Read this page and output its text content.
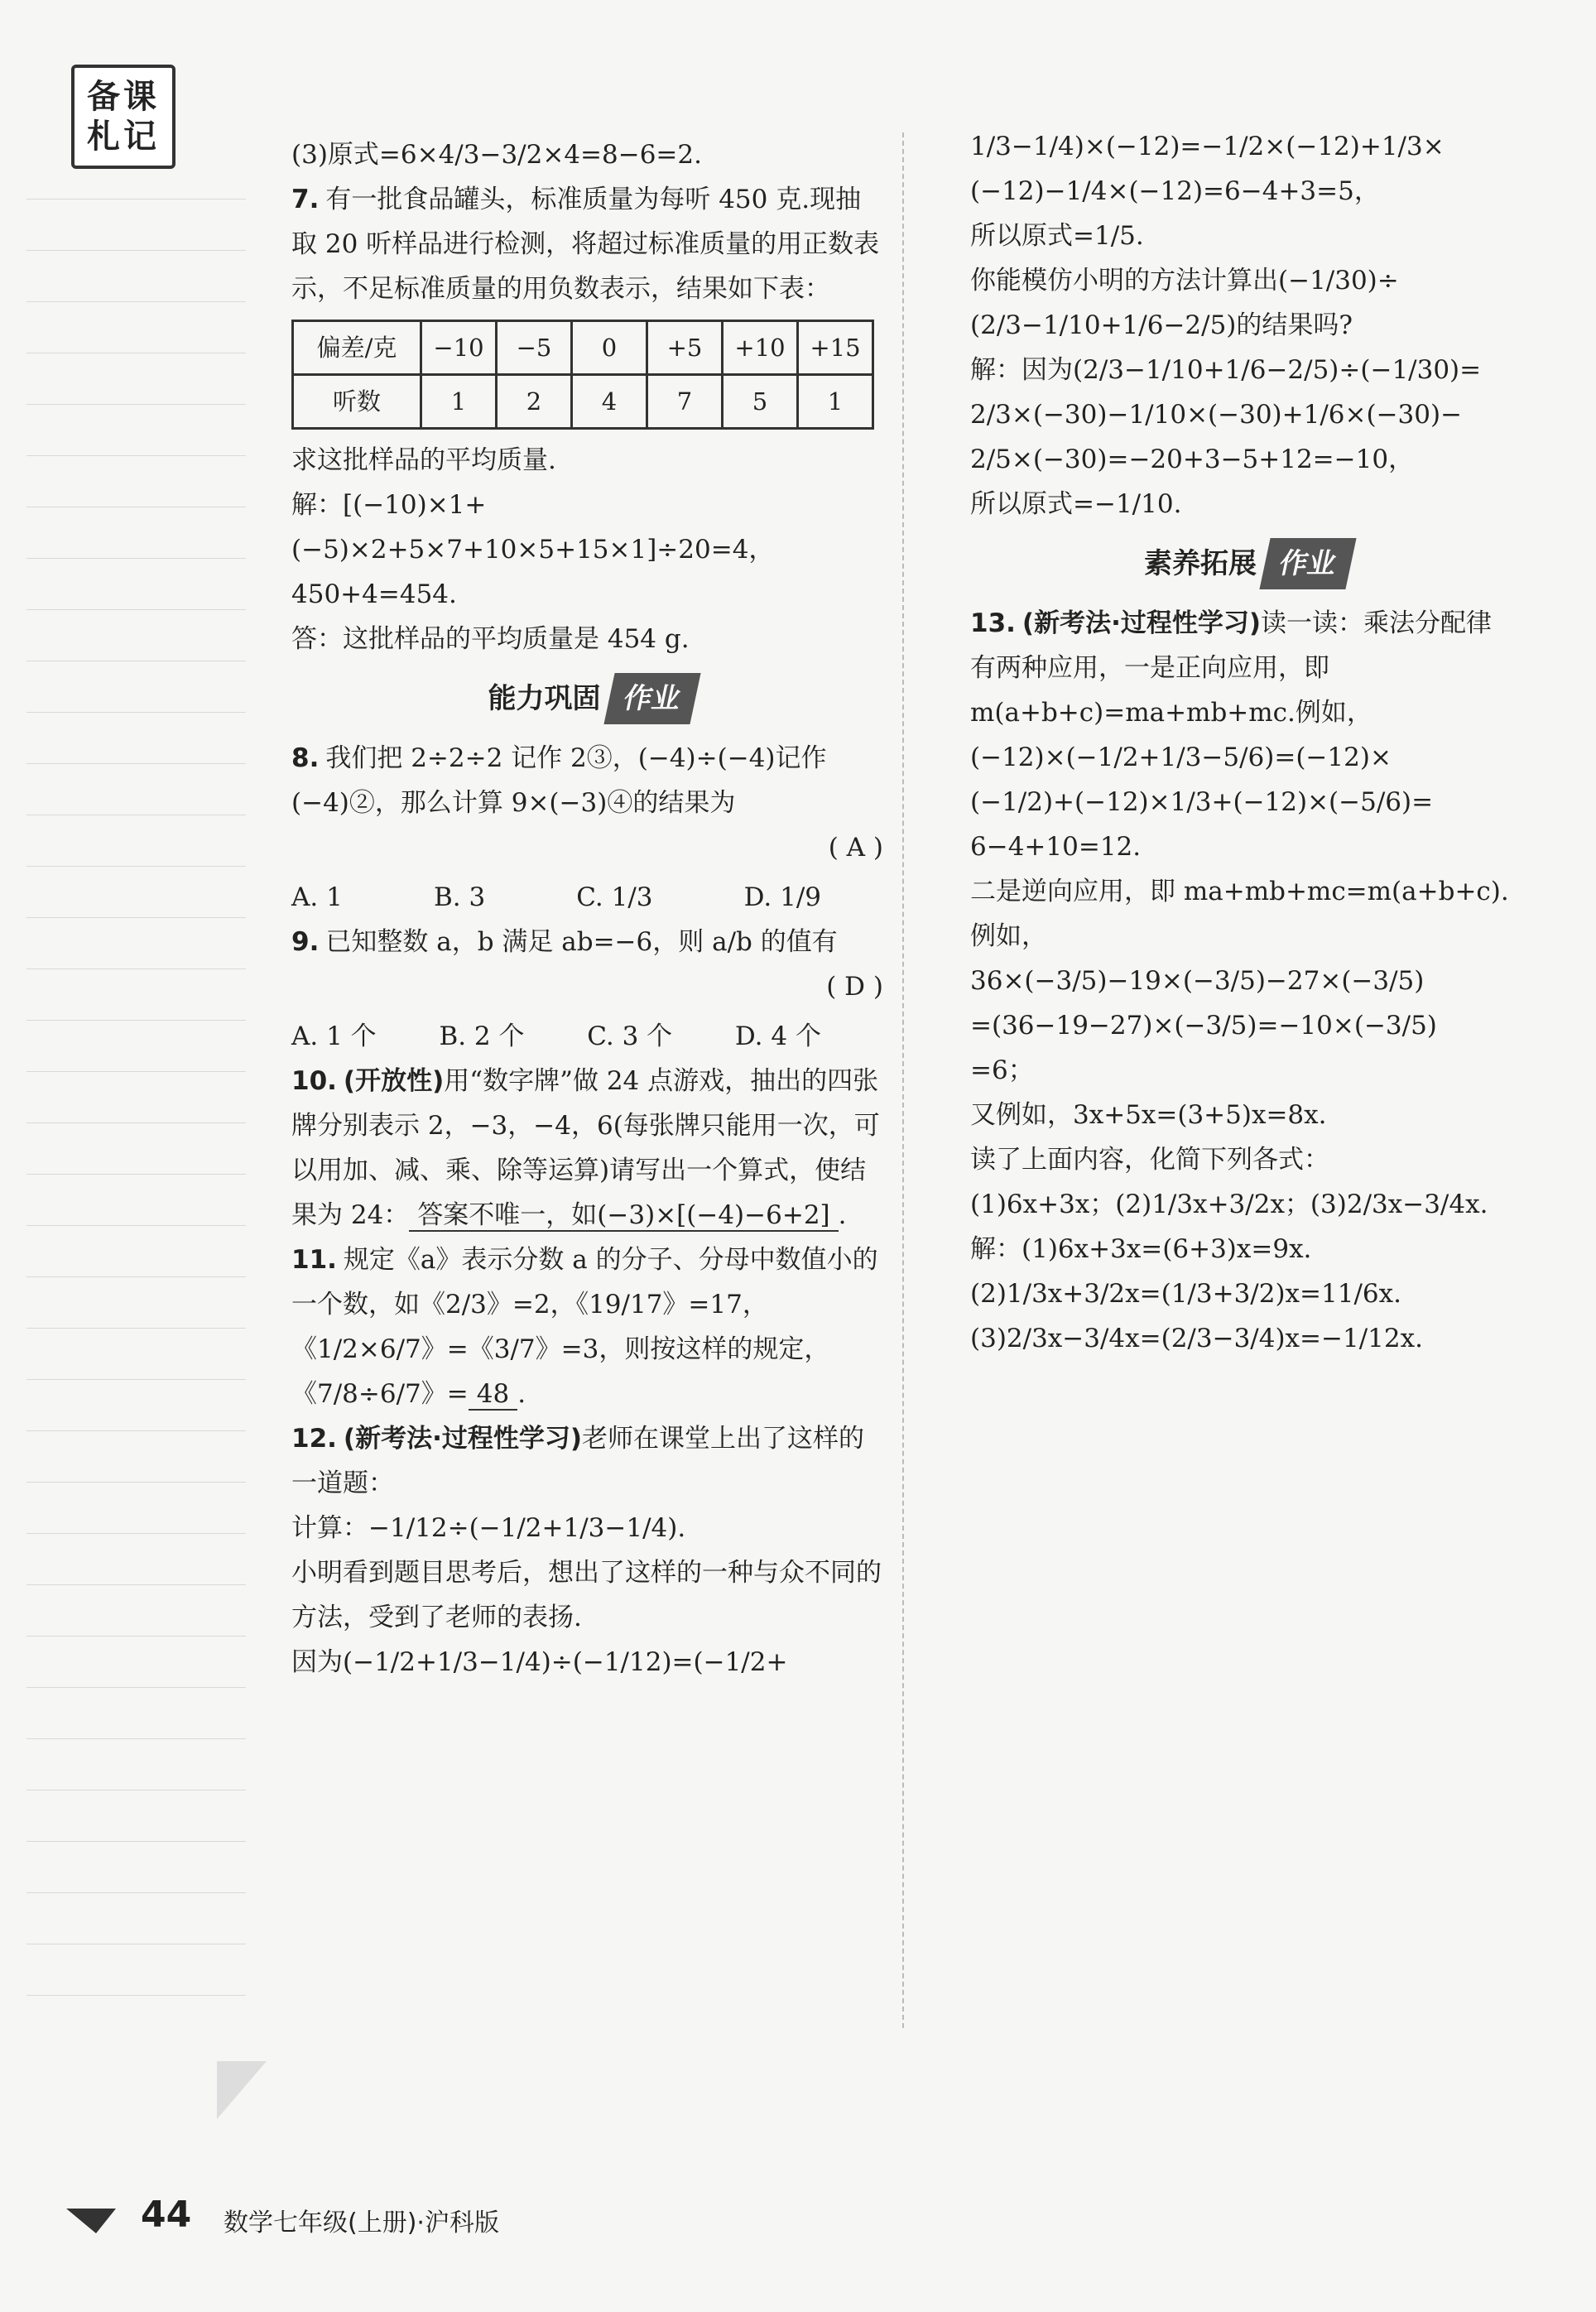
备课
札记	(3)原式=6×4/3−3/2×4=8−6=2.

7. 有一批食品罐头，标准质量为每听 450 克.现抽取 20 听样品进行检测，将超过标准质量的用正数表示，不足标准质量的用负数表示，结果如下表：

偏差/克	−10	−5	0	+5	+10	+15
听数	1	2	4	7	5	1

求这批样品的平均质量.

解：[(−10)×1+(−5)×2+5×7+10×5+15×1]÷20=4，450+4=454.

答：这批样品的平均质量是 454 g.

能力巩固 作业

8. 我们把 2÷2÷2 记作 2③，(−4)÷(−4)记作(−4)②，那么计算 9×(−3)④的结果为

( A )

A. 1	B. 3	C. 1/3	D. 1/9

9. 已知整数 a，b 满足 ab=−6，则 a/b 的值有

( D )

A. 1 个 B. 2 个 C. 3 个 D. 4 个

10. (开放性)用“数字牌”做 24 点游戏，抽出的四张牌分别表示 2，−3，−4，6(每张牌只能用一次，可以用加、减、乘、除等运算)请写出一个算式，使结果为 24： 答案不唯一，如(−3)×[(−4)−6+2] .

11. 规定《a》表示分数 a 的分子、分母中数值小的一个数，如《2/3》=2，《19/17》=17，《1/2×6/7》=《3/7》=3，则按这样的规定，《7/8÷6/7》= 48 .

12. (新考法·过程性学习)老师在课堂上出了这样的一道题：

计算：−1/12÷(−1/2+1/3−1/4).

小明看到题目思考后，想出了这样的一种与众不同的方法，受到了老师的表扬.

因为(−1/2+1/3−1/4)÷(−1/12)=(−1/2+

1/3−1/4)×(−12)=−1/2×(−12)+1/3×

(−12)−1/4×(−12)=6−4+3=5，

所以原式=1/5.

你能模仿小明的方法计算出(−1/30)÷

(2/3−1/10+1/6−2/5)的结果吗?

解：因为(2/3−1/10+1/6−2/5)÷(−1/30)=

2/3×(−30)−1/10×(−30)+1/6×(−30)−

2/5×(−30)=−20+3−5+12=−10，

所以原式=−1/10.

素养拓展 作业

13. (新考法·过程性学习)读一读：乘法分配律有两种应用，一是正向应用，即 m(a+b+c)=ma+mb+mc.例如，

(−12)×(−1/2+1/3−5/6)=(−12)×

(−1/2)+(−12)×1/3+(−12)×(−5/6)=

6−4+10=12.

二是逆向应用，即 ma+mb+mc=m(a+b+c).

例如，

36×(−3/5)−19×(−3/5)−27×(−3/5)

=(36−19−27)×(−3/5)=−10×(−3/5)

=6；

又例如，3x+5x=(3+5)x=8x.

读了上面内容，化简下列各式：

(1)6x+3x；(2)1/3x+3/2x；(3)2/3x−3/4x.

解：(1)6x+3x=(6+3)x=9x.

(2)1/3x+3/2x=(1/3+3/2)x=11/6x.

(3)2/3x−3/4x=(2/3−3/4)x=−1/12x.

44 数学七年级(上册)·沪科版
